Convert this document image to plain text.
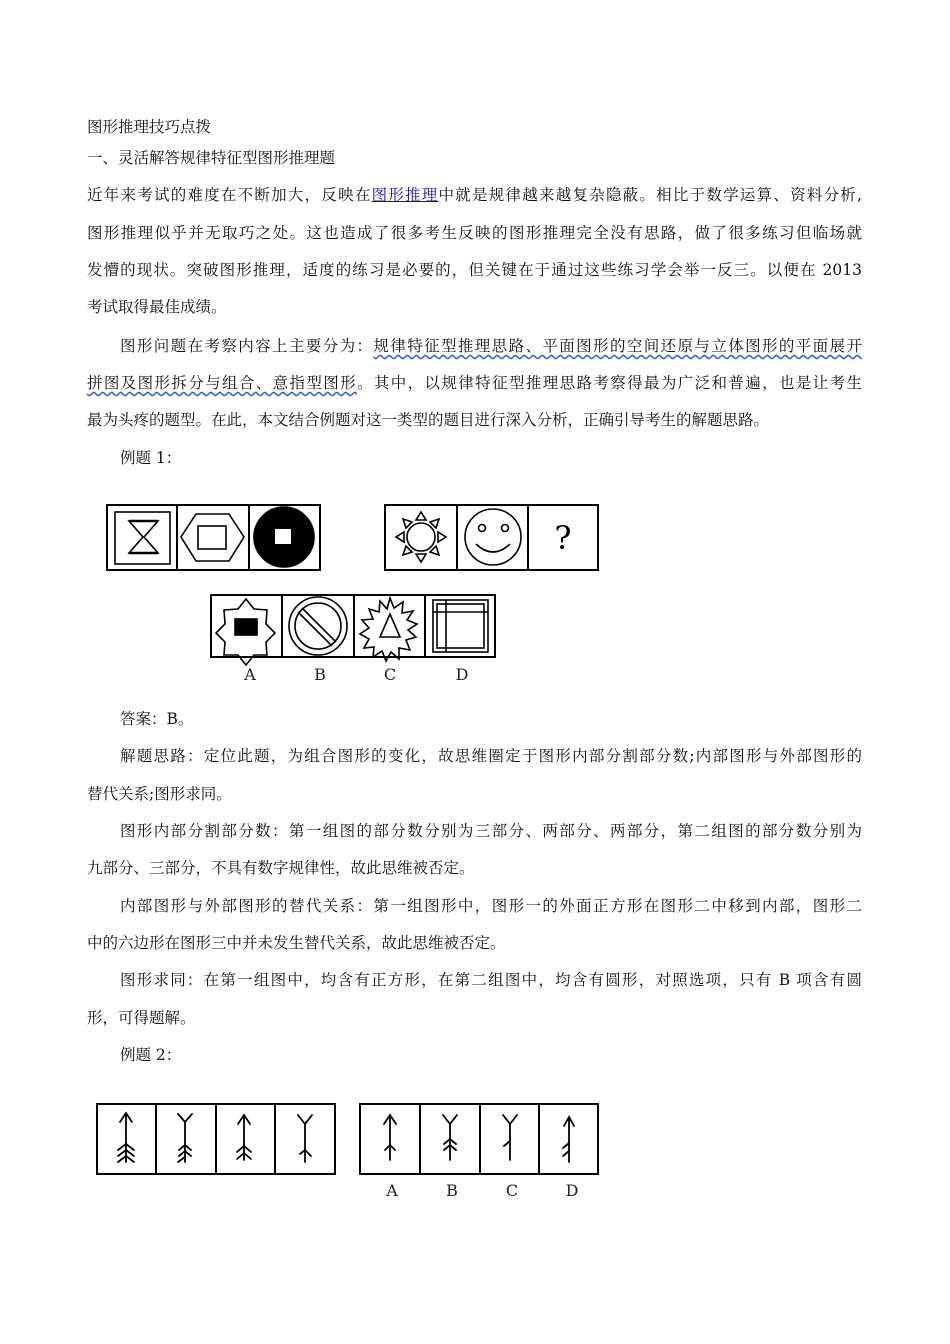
图形推理技巧点拨
一、灵活解答规律特征型图形推理题
近年来考试的难度在不断加大，反映在图形推理中就是规律越来越复杂隐蔽。相比于数学运算、资料分析,
图形推理似乎并无取巧之处。这也造成了很多考生反映的图形推理完全没有思路，做了很多练习但临场就
发懵的现状。突破图形推理，适度的练习是必要的，但关键在于通过这些练习学会举一反三。以便在 2013
考试取得最佳成绩。
图形问题在考察内容上主要分为：规律特征型推理思路、平面图形的空间还原与立体图形的平面展开
拼图及图形拆分与组合、意指型图形。其中，以规律特征型推理思路考察得最为广泛和普遍，也是让考生
最为头疼的题型。在此，本文结合例题对这一类型的题目进行深入分析，正确引导考生的解题思路。
例题 1：
?
A	B	C	D
A	B	C	D
答案：B。
解题思路：定位此题，为组合图形的变化，故思维圈定于图形内部分割部分数;内部图形与外部图形的
替代关系;图形求同。
图形内部分割部分数：第一组图的部分数分别为三部分、两部分、两部分，第二组图的部分数分别为
九部分、三部分，不具有数字规律性，故此思维被否定。
内部图形与外部图形的替代关系：第一组图形中，图形一的外面正方形在图形二中移到内部，图形二
中的六边形在图形三中并未发生替代关系，故此思维被否定。
图形求同：在第一组图中，均含有正方形，在第二组图中，均含有圆形，对照选项，只有 B 项含有圆
形，可得题解。
例题 2：
